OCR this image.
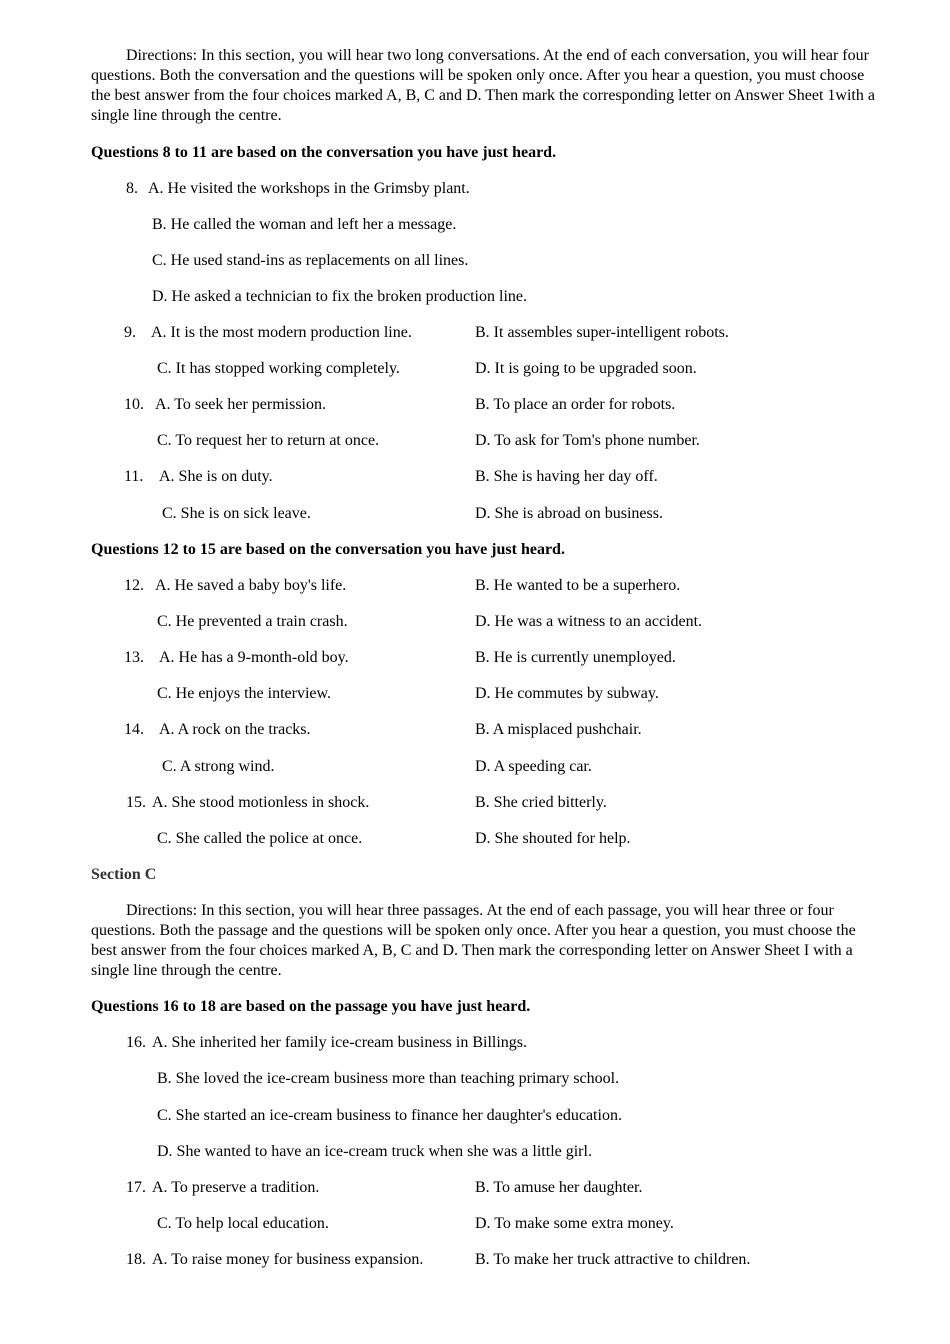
Directions: In this section, you will hear two long conversations. At the end of each conversation, you will hear four questions. Both the conversation and the questions will be spoken only once. After you hear a question, you must choose the best answer from the four choices marked A, B, C and D. Then mark the corresponding letter on Answer Sheet 1with a single line through the centre.

Questions 8 to 11 are based on the conversation you have just heard.
8. A. He visited the workshops in the Grimsby plant.
B. He called the woman and left her a message.
C. He used stand-ins as replacements on all lines.
D. He asked a technician to fix the broken production line.
9. A. It is the most modern production line.	B. It assembles super-intelligent robots.
C. It has stopped working completely.	D. It is going to be upgraded soon.
10. A. To seek her permission.	B. To place an order for robots.
C. To request her to return at once.	D. To ask for Tom's phone number.
11. A. She is on duty.	B. She is having her day off.
C. She is on sick leave.	D. She is abroad on business.
Questions 12 to 15 are based on the conversation you have just heard.
12. A. He saved a baby boy's life.	B. He wanted to be a superhero.
C. He prevented a train crash.	D. He was a witness to an accident.
13. A. He has a 9-month-old boy.	B. He is currently unemployed.
C. He enjoys the interview.	D. He commutes by subway.
14. A. A rock on the tracks.	B. A misplaced pushchair.
C. A strong wind.	D. A speeding car.
15. A. She stood motionless in shock.	B. She cried bitterly.
C. She called the police at once.	D. She shouted for help.
Section C

Directions: In this section, you will hear three passages. At the end of each passage, you will hear three or four questions. Both the passage and the questions will be spoken only once. After you hear a question, you must choose the best answer from the four choices marked A, B, C and D. Then mark the corresponding letter on Answer Sheet I with a single line through the centre.

Questions 16 to 18 are based on the passage you have just heard.
16. A. She inherited her family ice-cream business in Billings.
B. She loved the ice-cream business more than teaching primary school.
C. She started an ice-cream business to finance her daughter's education.
D. She wanted to have an ice-cream truck when she was a little girl.
17. A. To preserve a tradition.	B. To amuse her daughter.
C. To help local education.	D. To make some extra money.
18. A. To raise money for business expansion.	B. To make her truck attractive to children.
